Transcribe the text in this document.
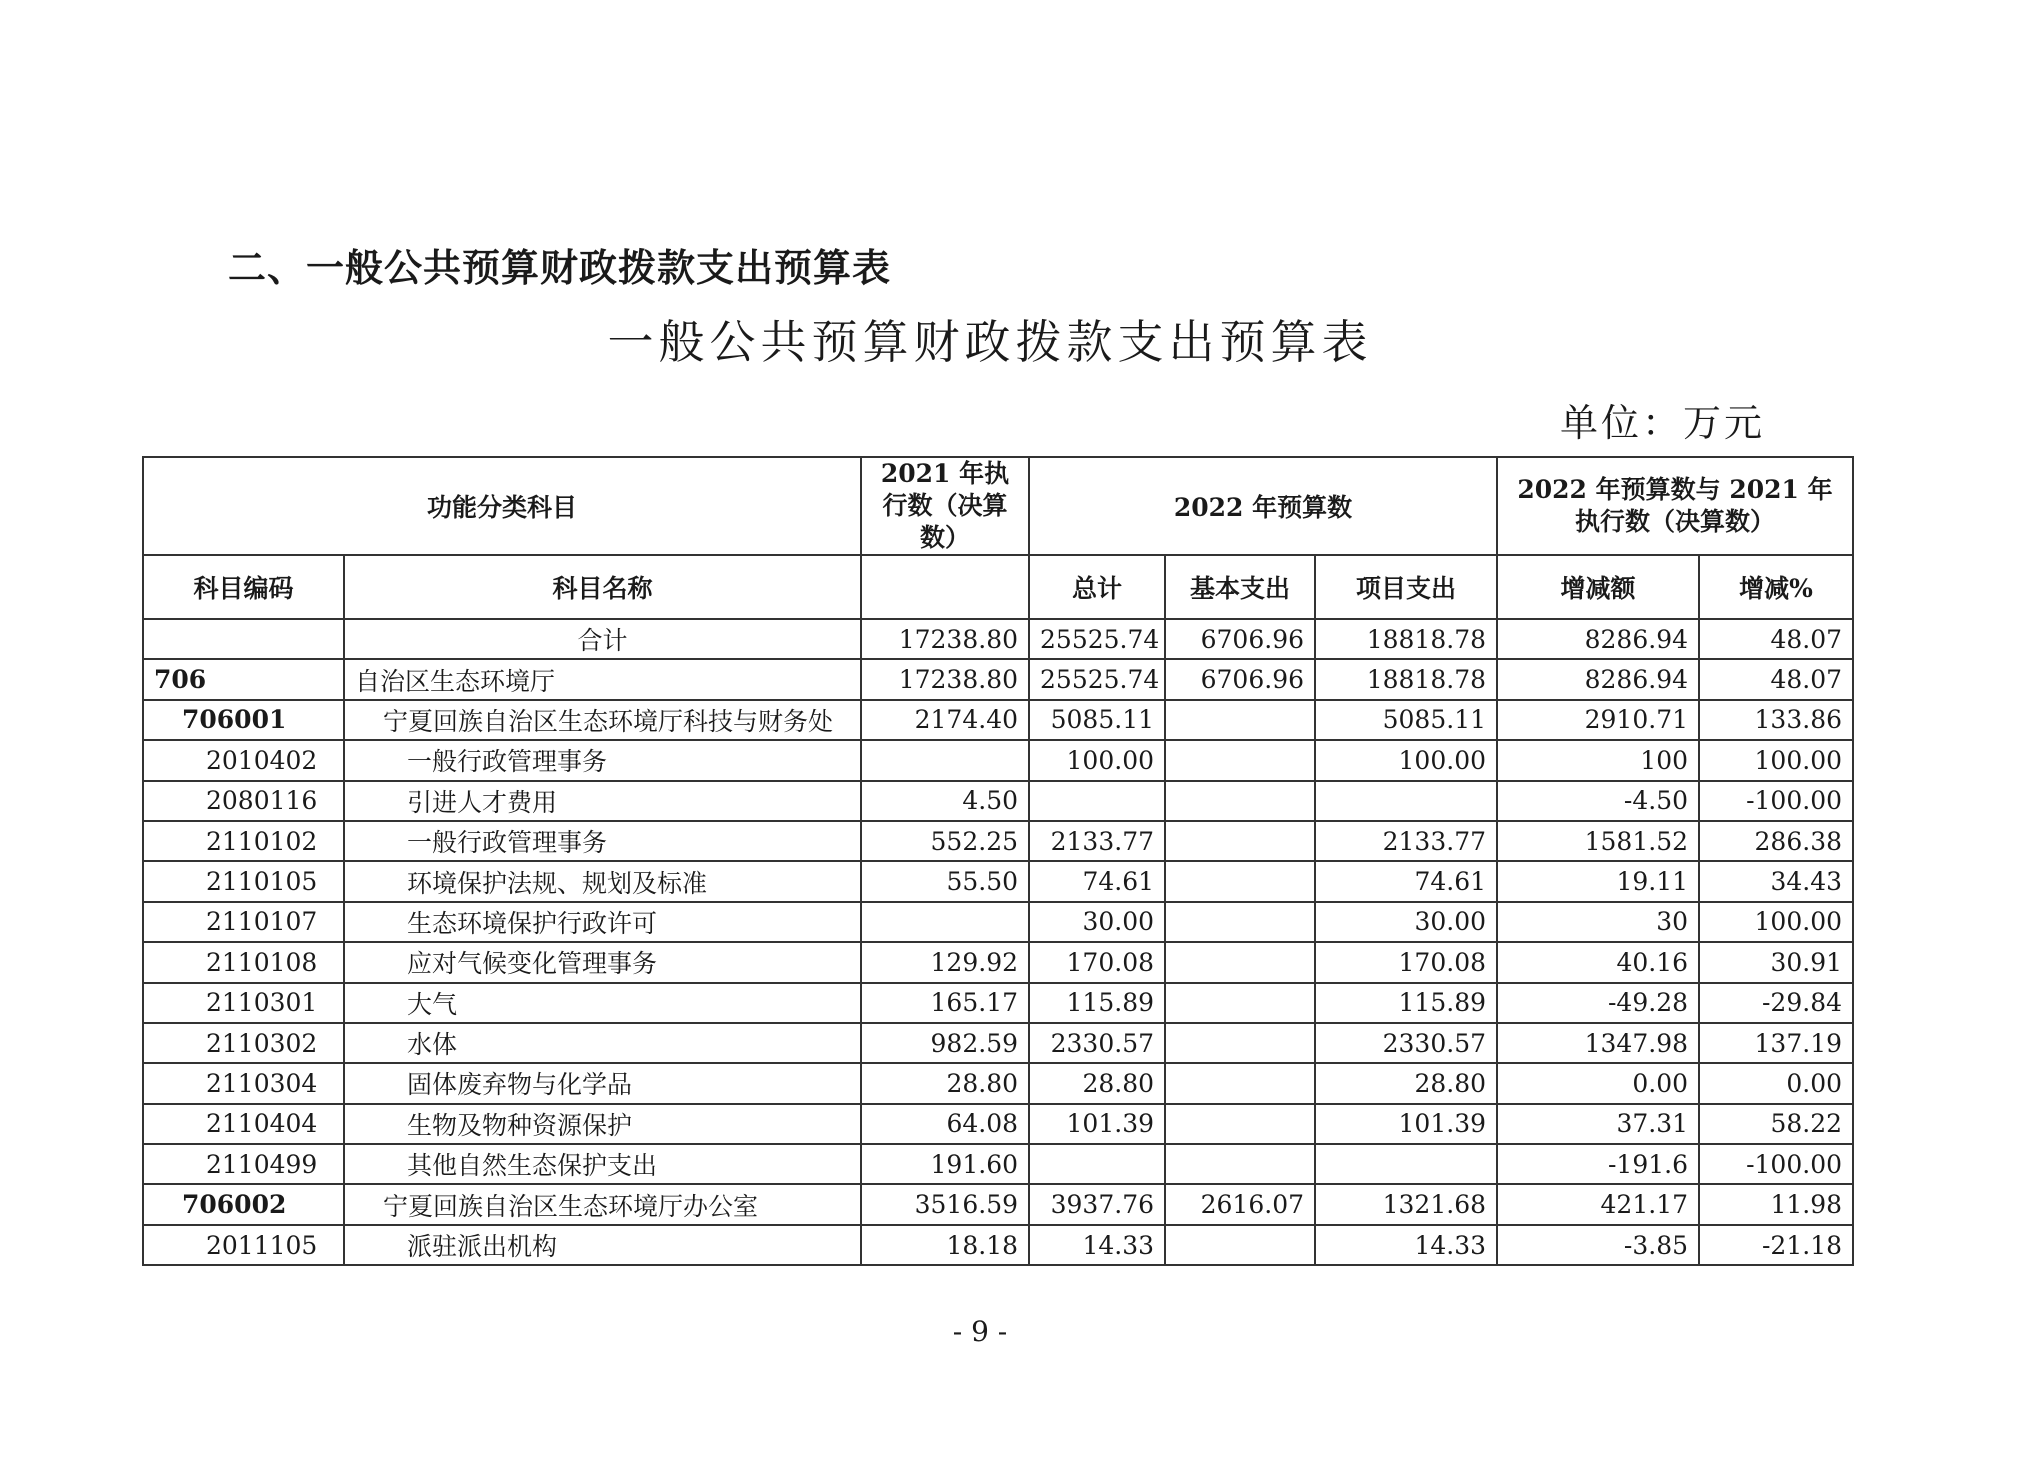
二、一般公共预算财政拨款支出预算表
一般公共预算财政拨款支出预算表
单位：万元
功能分类科目		2021 年执行数（决算数）	2022 年预算数			2022 年预算数与 2021 年执行数（决算数）	
科目编码	科目名称		总计	基本支出	项目支出	增减额	增减%
	合计	17238.80	25525.74	6706.96	18818.78	8286.94	48.07
706	自治区生态环境厅	17238.80	25525.74	6706.96	18818.78	8286.94	48.07
706001	宁夏回族自治区生态环境厅科技与财务处	2174.40	5085.11		5085.11	2910.71	133.86
2010402	一般行政管理事务		100.00		100.00	100	100.00
2080116	引进人才费用	4.50				-4.50	-100.00
2110102	一般行政管理事务	552.25	2133.77		2133.77	1581.52	286.38
2110105	环境保护法规、规划及标准	55.50	74.61		74.61	19.11	34.43
2110107	生态环境保护行政许可		30.00		30.00	30	100.00
2110108	应对气候变化管理事务	129.92	170.08		170.08	40.16	30.91
2110301	大气	165.17	115.89		115.89	-49.28	-29.84
2110302	水体	982.59	2330.57		2330.57	1347.98	137.19
2110304	固体废弃物与化学品	28.80	28.80		28.80	0.00	0.00
2110404	生物及物种资源保护	64.08	101.39		101.39	37.31	58.22
2110499	其他自然生态保护支出	191.60				-191.6	-100.00
706002	宁夏回族自治区生态环境厅办公室	3516.59	3937.76	2616.07	1321.68	421.17	11.98
2011105	派驻派出机构	18.18	14.33		14.33	-3.85	-21.18
- 9 -
